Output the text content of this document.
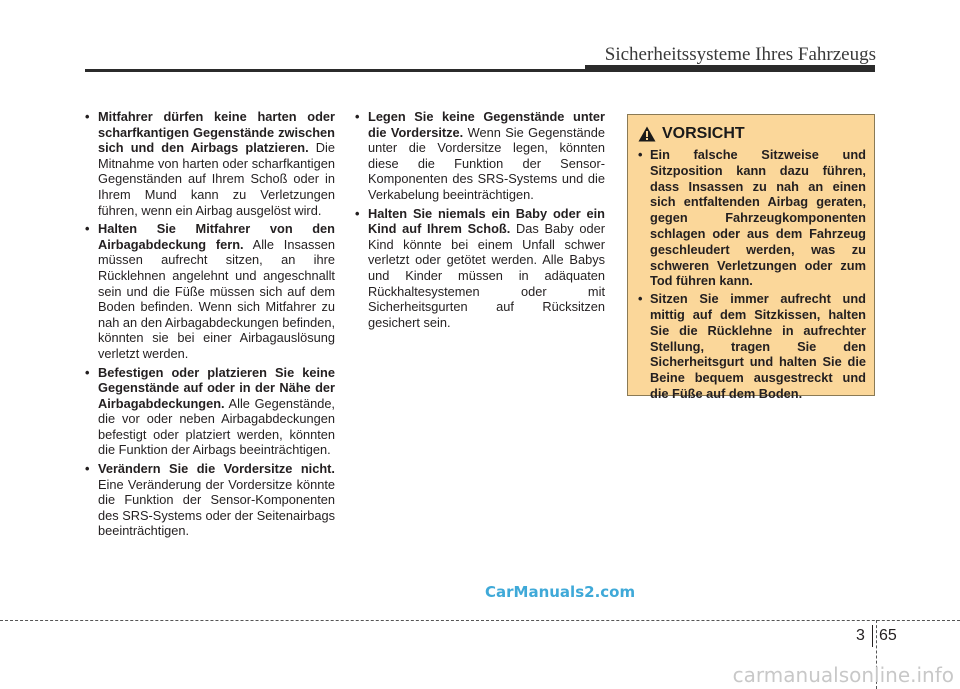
Sicherheitssysteme Ihres Fahrzeugs
• Mitfahrer dürfen keine harten oder scharfkantigen Gegenstände zwischen sich und den Airbags platzieren. Die Mitnahme von harten oder scharfkantigen Gegenständen auf Ihrem Schoß oder in Ihrem Mund kann zu Verletzungen führen, wenn ein Airbag ausgelöst wird.
• Halten Sie Mitfahrer von den Airbagabdeckung fern. Alle Insassen müssen aufrecht sitzen, an ihre Rücklehnen angelehnt und angeschnallt sein und die Füße müssen sich auf dem Boden befinden. Wenn sich Mitfahrer zu nah an den Airbagabdeckungen befinden, könnten sie bei einer Airbagauslösung verletzt werden.
• Befestigen oder platzieren Sie keine Gegenstände auf oder in der Nähe der Airbagabdeckungen. Alle Gegenstände, die vor oder neben Airbagabdeckungen befestigt oder platziert werden, könnten die Funktion der Airbags beeinträchtigen.
• Verändern Sie die Vordersitze nicht. Eine Veränderung der Vordersitze könnte die Funktion der Sensor-Komponenten des SRS-Systems oder der Seitenairbags beeinträchtigen.
• Legen Sie keine Gegenstände unter die Vordersitze. Wenn Sie Gegenstände unter die Vordersitze legen, könnten diese die Funktion der Sensor-Komponenten des SRS-Systems und die Verkabelung beeinträchtigen.
• Halten Sie niemals ein Baby oder ein Kind auf Ihrem Schoß. Das Baby oder Kind könnte bei einem Unfall schwer verletzt oder getötet werden. Alle Babys und Kinder müssen in adäquaten Rückhaltesystemen oder mit Sicherheitsgurten auf Rücksitzen gesichert sein.
VORSICHT
• Ein falsche Sitzweise und Sitzposition kann dazu führen, dass Insassen zu nah an einen sich entfaltenden Airbag geraten, gegen Fahrzeugkomponenten schlagen oder aus dem Fahrzeug geschleudert werden, was zu schweren Verletzungen oder zum Tod führen kann.
• Sitzen Sie immer aufrecht und mittig auf dem Sitzkissen, halten Sie die Rücklehne in aufrechter Stellung, tragen Sie den Sicherheitsgurt und halten Sie die Beine bequem ausgestreckt und die Füße auf dem Boden.
CarManuals2.com
3 65
carmanualsonline.info
